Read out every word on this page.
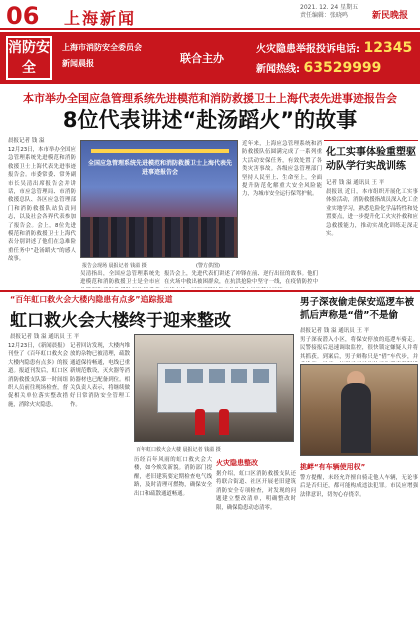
06 上海新闻
2021. 12. 24 星期五
责任编辑：张晓鸣	新民晚报
消防安全
上海市消防安全委员会
新闻晨报	联合主办
火灾隐患举报投诉电话: 12345
新闻热线: 63529999
本市举办全国应急管理系统先进模范和消防救援卫士上海代表先进事迹报告会
8位代表讲述“赴汤蹈火”的故事
晨报记者 钱 溢
12月23日，本市举办全国应急管理系统先进模范和消防救援卫士上海代表先进事迹报告会。市委常委、常务副市长吴清出席报告会并讲话，市应急管理局、市消防救援总队、各区应急管理部门和消防救援队站负责同志，以及社会各界代表参加了报告会。会上，8位先进模范和消防救援卫士上海代表分别讲述了他们在急难险重任务中“赴汤蹈火”的感人故事。
全国应急管理系统先进模范和消防救援卫士上海代表先进事迹报告会
报告会现场 晨报记者 钱溢 摄	(警方供图)
吴清指出，全国应急管理系统先进模范和消防救援卫士是全市应
近年来，上海应急管理系统和消防救援队伍圆满完成了一系列重大活动安保任务，有效处置了各类灾害事故。各级应急管理部门坚持人民至上、生命至上，全面提升防范化解重大安全风险能力，为城市安全运行保驾护航。
报告会上，先进代表们讲述了冲锋在前、逆行出征的故事。他们在火场中救出被困群众，在抗洪抢险中坚守一线，在疫情防控中
化工实事体验重塑驱动队学行实战训练
记者 钱 溢 通讯员 王 平
晨报讯 近日，本市组织开展化工实事体验活动，消防救援指战员深入化工企业实地学习，熟悉危险化学品特性和处置要点，进一步提升化工火灾扑救和应急救援能力，推动实战化训练走深走实。
“百年虹口救火会大楼内隐患有点多”追踪报道
虹口救火会大楼终于迎来整改
晨报记者 钱 溢 通讯员 王 平
12月23日，《新闻晨报》刊登了《百年虹口救火会大楼内隐患有点多》的报道。报道刊发后，虹口区消防救援支队第一时间组织人员前往现场检查，督促相关单位落实整改措施，消除火灾隐患。
记者回访发现，大楼内堆放的杂物已被清理，疏散通道保持畅通，电线已重新规范敷设，灭火器等消防器材也已配备到位。相关负责人表示，将继续做好日常消防安全管理工作。
百年虹口救火会大楼 晨报记者 钱溢 摄
历经百年风雨的虹口救火会大楼，如今焕发新貌。消防部门提醒，老旧建筑要定期检查电气线路，及时清理可燃物，确保安全出口和疏散通道畅通。
火灾隐患整改
据介绍，虹口区消防救援支队还将联合街道、社区开展老旧建筑消防安全专项检查，对发现的问题建立整改清单，明确整改时限，确保隐患动态清零。
男子深夜偷走保安巡逻车被抓后声称是“借”不是偷
晨报记者 钱 溢 通讯员 王 平
男子深夜潜入小区，将保安停放的巡逻车骑走。民警接报后迅速调取监控，很快锁定嫌疑人并将其抓获。到案后，男子辩称只是“借”车代步，并
挑衅“有车辆使用权”
警方提醒，未经允许擅自骑走他人车辆，无论事后是否归还，都可能构成违法犯罪。市民应增强法律意识，切勿心存侥幸。
